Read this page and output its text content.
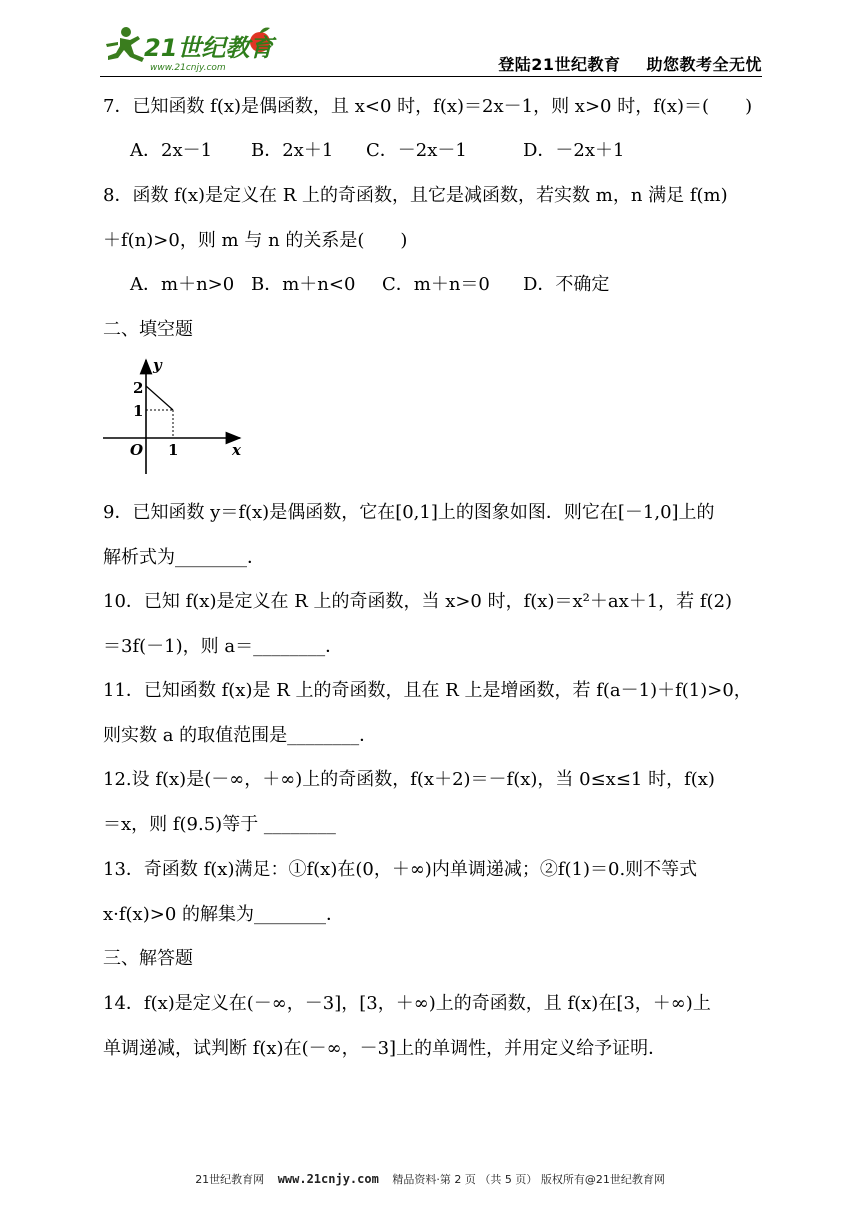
21世纪教育
www.21cnjy.com	登陆21世纪教育 助您教考全无忧
7．已知函数 f(x)是偶函数，且 x<0 时，f(x)＝2x－1，则 x>0 时，f(x)＝(　　)
A．2x－1 B．2x＋1 C．－2x－1	D．－2x＋1
8．函数 f(x)是定义在 R 上的奇函数，且它是减函数，若实数 m，n 满足 f(m)
＋f(n)>0，则 m 与 n 的关系是(　　)
A．m＋n>0 B．m＋n<0 C．m＋n＝0 D．不确定
二、填空题
y
2
1
O 1	x
9．已知函数 y＝f(x)是偶函数，它在[0,1]上的图象如图．则它在[－1,0]上的
解析式为________．
10．已知 f(x)是定义在 R 上的奇函数，当 x>0 时，f(x)＝x²＋ax＋1，若 f(2)
＝3f(－1)，则 a＝________．
11．已知函数 f(x)是 R 上的奇函数，且在 R 上是增函数，若 f(a－1)＋f(1)>0，
则实数 a 的取值范围是________．
12.设 f(x)是(－∞，＋∞)上的奇函数，f(x＋2)＝－f(x)，当 0≤x≤1 时，f(x)
＝x，则 f(9.5)等于 ________
13．奇函数 f(x)满足：①f(x)在(0，＋∞)内单调递减；②f(1)＝0.则不等式
x·f(x)>0 的解集为________．
三、解答题
14．f(x)是定义在(－∞，－3]，[3，＋∞)上的奇函数，且 f(x)在[3，＋∞)上
单调递减，试判断 f(x)在(－∞，－3]上的单调性，并用定义给予证明．
21世纪教育网 www.21cnjy.com 精品资料·第 2 页 （共 5 页） 版权所有@21世纪教育网
